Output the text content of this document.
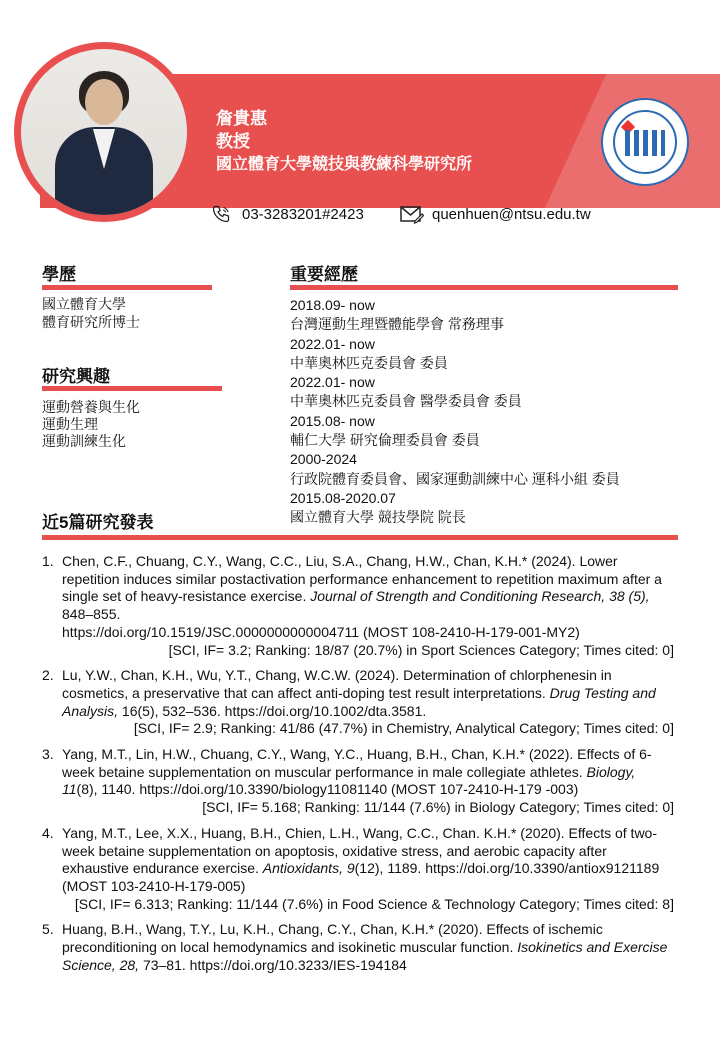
詹貴惠
教授
國立體育大學競技與教練科學研究所
03-3283201#2423	quenhuen@ntsu.edu.tw
學歷
國立體育大學
體育研究所博士
研究興趣
運動營養與生化
運動生理
運動訓練生化
重要經歷
2018.09- now
台灣運動生理暨體能學會 常務理事
2022.01- now
中華奧林匹克委員會 委員
2022.01- now
中華奧林匹克委員會 醫學委員會 委員
2015.08- now
輔仁大學 研究倫理委員會 委員
2000-2024
行政院體育委員會、國家運動訓練中心 運科小組 委員
2015.08-2020.07
國立體育大學 競技學院 院長
近5篇研究發表
1. Chen, C.F., Chuang, C.Y., Wang, C.C., Liu, S.A., Chang, H.W., Chan, K.H.* (2024). Lower repetition induces similar postactivation performance enhancement to repetition maximum after a single set of heavy-resistance exercise. Journal of Strength and Conditioning Research, 38 (5), 848–855.
https://doi.org/10.1519/JSC.0000000000004711 (MOST 108-2410-H-179-001-MY2)
[SCI, IF= 3.2; Ranking: 18/87 (20.7%) in Sport Sciences Category; Times cited: 0]
2. Lu, Y.W., Chan, K.H., Wu, Y.T., Chang, W.C.W. (2024). Determination of chlorphenesin in cosmetics, a preservative that can affect anti-doping test result interpretations. Drug Testing and Analysis, 16(5), 532–536. https://doi.org/10.1002/dta.3581.
[SCI, IF= 2.9; Ranking: 41/86 (47.7%) in Chemistry, Analytical Category; Times cited: 0]
3. Yang, M.T., Lin, H.W., Chuang, C.Y., Wang, Y.C., Huang, B.H., Chan, K.H.* (2022). Effects of 6-week betaine supplementation on muscular performance in male collegiate athletes. Biology, 11(8), 1140. https://doi.org/10.3390/biology11081140 (MOST 107-2410-H-179 -003)
[SCI, IF= 5.168; Ranking: 11/144 (7.6%) in Biology Category; Times cited: 0]
4. Yang, M.T., Lee, X.X., Huang, B.H., Chien, L.H., Wang, C.C., Chan. K.H.* (2020). Effects of two-week betaine supplementation on apoptosis, oxidative stress, and aerobic capacity after exhaustive endurance exercise. Antioxidants, 9(12), 1189. https://doi.org/10.3390/antiox9121189 (MOST 103-2410-H-179-005)
[SCI, IF= 6.313; Ranking: 11/144 (7.6%) in Food Science & Technology Category; Times cited: 8]
5. Huang, B.H., Wang, T.Y., Lu, K.H., Chang, C.Y., Chan, K.H.* (2020). Effects of ischemic preconditioning on local hemodynamics and isokinetic muscular function. Isokinetics and Exercise Science, 28, 73–81. https://doi.org/10.3233/IES-194184
